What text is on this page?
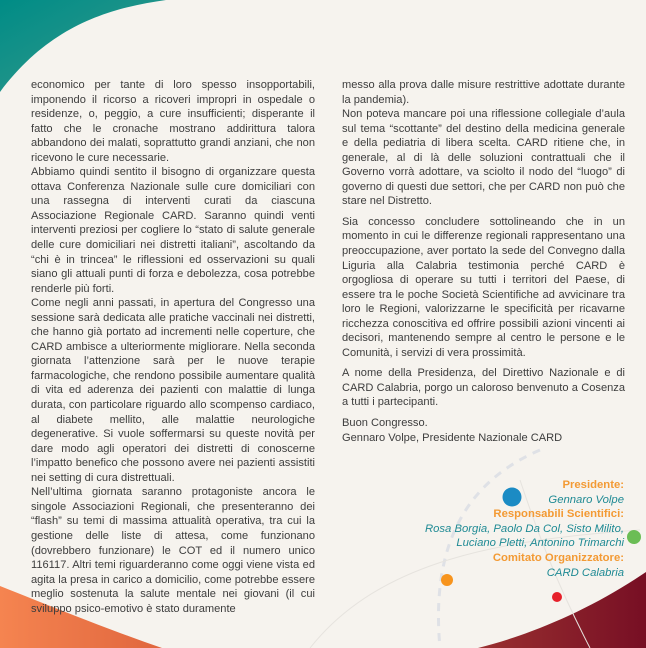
economico per tante di loro spesso insopportabili, imponendo il ricorso a ricoveri impropri in ospedale o residenze, o, peggio, a cure insufficienti; disperante il fatto che le cronache mostrano addirittura talora abbandono dei malati, soprattutto grandi anziani, che non ricevono le cure necessarie.

Abbiamo quindi sentito il bisogno di organizzare questa ottava Conferenza Nazionale sulle cure domiciliari con una rassegna di interventi curati da ciascuna Associazione Regionale CARD. Saranno quindi venti interventi preziosi per cogliere lo “stato di salute generale delle cure domiciliari nei distretti italiani”, ascoltando da “chi è in trincea” le riflessioni ed osservazioni su quali siano gli attuali punti di forza e debolezza, cosa potrebbe renderle più forti.

Come negli anni passati, in apertura del Congresso una sessione sarà dedicata alle pratiche vaccinali nei distretti, che hanno già portato ad incrementi nelle coperture, che CARD ambisce a ulteriormente migliorare. Nella seconda giornata l’attenzione sarà per le nuove terapie farmacologiche, che rendono possibile aumentare qualità di vita ed aderenza dei pazienti con malattie di lunga durata, con particolare riguardo allo scompenso cardiaco, al diabete mellito, alle malattie neurologiche degenerative. Si vuole soffermarsi su queste novità per dare modo agli operatori dei distretti di conoscerne l’impatto benefico che possono avere nei pazienti assistiti nei setting di cura distrettuali.

Nell’ultima giornata saranno protagoniste ancora le singole Associazioni Regionali, che presenteranno dei “flash” su temi di massima attualità operativa, tra cui la gestione delle liste di attesa, come funzionano (dovrebbero funzionare) le COT ed il numero unico 116117. Altri temi riguarderanno come oggi viene vista ed agita la presa in carico a domicilio, come potrebbe essere meglio sostenuta la salute mentale nei giovani (il cui sviluppo psico-emotivo è stato duramente

messo alla prova dalle misure restrittive adottate durante la pandemia).

Non poteva mancare poi una riflessione collegiale d’aula sul tema “scottante” del destino della medicina generale e della pediatria di libera scelta. CARD ritiene che, in generale, al di là delle soluzioni contrattuali che il Governo vorrà adottare, va sciolto il nodo del “luogo” di governo di questi due settori, che per CARD non può che stare nel Distretto.

Sia concesso concludere sottolineando che in un momento in cui le differenze regionali rappresentano una preoccupazione, aver portato la sede del Convegno dalla Liguria alla Calabria testimonia perché CARD è orgogliosa di operare su tutti i territori del Paese, di essere tra le poche Società Scientifiche ad avvicinare tra loro le Regioni, valorizzarne le specificità per ricavarne ricchezza conoscitiva ed offrire possibili azioni vincenti ai decisori, mantenendo sempre al centro le persone e le Comunità, i servizi di vera prossimità.

A nome della Presidenza, del Direttivo Nazionale e di CARD Calabria, porgo un caloroso benvenuto a Cosenza a tutti i partecipanti.

Buon Congresso.

Gennaro Volpe, Presidente Nazionale CARD

Presidente:
Gennaro Volpe
Responsabili Scientifici:
Rosa Borgia, Paolo Da Col, Sisto Milito,
Luciano Pletti, Antonino Trimarchi
Comitato Organizzatore:
CARD Calabria
